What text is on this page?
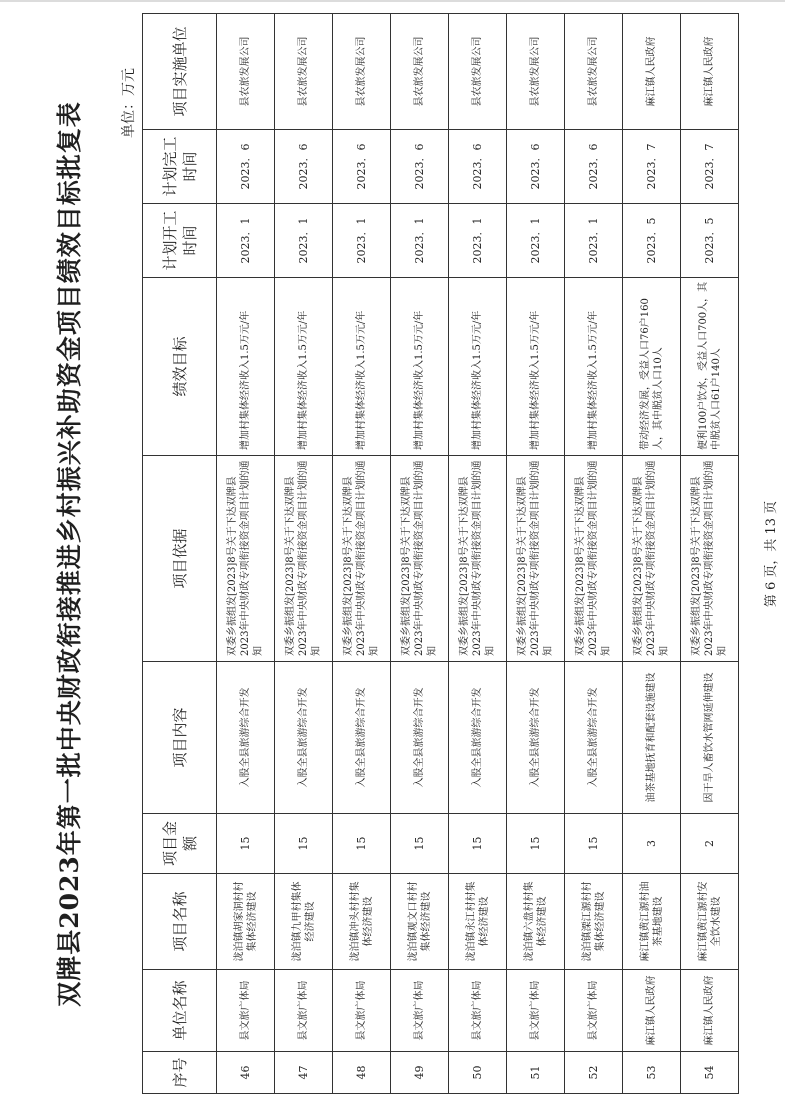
双牌县2023年第一批中央财政衔接推进乡村振兴补助资金项目绩效目标批复表	单位：万元
序号	单位名称	项目名称	项目金额	项目内容	项目依据	绩效目标	计划开工时间	计划完工时间	项目实施单位
46	县文旅广体局	泷泊镇胡家洞村村集体经济建设	15	入股全县旅游综合开发	双委乡振组发[2023]8号关于下达双牌县2023年中央财政专项衔接资金项目计划的通知	增加村集体经济收入1.5万元/年	2023．1	2023．6	县农旅发展公司
47	县文旅广体局	泷泊镇九甲村集体经济建设	15	入股全县旅游综合开发	双委乡振组发[2023]8号关于下达双牌县2023年中央财政专项衔接资金项目计划的通知	增加村集体经济收入1.5万元/年	2023．1	2023．6	县农旅发展公司
48	县文旅广体局	泷泊镇冲头村村集体经济建设	15	入股全县旅游综合开发	双委乡振组发[2023]8号关于下达双牌县2023年中央财政专项衔接资金项目计划的通知	增加村集体经济收入1.5万元/年	2023．1	2023．6	县农旅发展公司
49	县文旅广体局	泷泊镇观文口村村集体经济建设	15	入股全县旅游综合开发	双委乡振组发[2023]8号关于下达双牌县2023年中央财政专项衔接资金项目计划的通知	增加村集体经济收入1.5万元/年	2023．1	2023．6	县农旅发展公司
50	县文旅广体局	泷泊镇永江村村集体经济建设	15	入股全县旅游综合开发	双委乡振组发[2023]8号关于下达双牌县2023年中央财政专项衔接资金项目计划的通知	增加村集体经济收入1.5万元/年	2023．1	2023．6	县农旅发展公司
51	县文旅广体局	泷泊镇六盘村村集体经济建设	15	入股全县旅游综合开发	双委乡振组发[2023]8号关于下达双牌县2023年中央财政专项衔接资金项目计划的通知	增加村集体经济收入1.5万元/年	2023．1	2023．6	县农旅发展公司
52	县文旅广体局	泷泊镇溧江源村村集体经济建设	15	入股全县旅游综合开发	双委乡振组发[2023]8号关于下达双牌县2023年中央财政专项衔接资金项目计划的通知	增加村集体经济收入1.5万元/年	2023．1	2023．6	县农旅发展公司
53	麻江镇人民政府	麻江镇黄江源村油茶基地建设	3	油茶基地抚育和配套设施建设	双委乡振组发[2023]8号关于下达双牌县2023年中央财政专项衔接资金项目计划的通知	带动经济发展，受益人口76户160人，其中脱贫人口10人	2023．5	2023．7	麻江镇人民政府
54	麻江镇人民政府	麻江镇黄江源村安全饮水建设	2	因干旱人畜饮水管网延伸建设	双委乡振组发[2023]8号关于下达双牌县2023年中央财政专项衔接资金项目计划的通知	便利100户饮水，受益人口700人，其中脱贫人口61户140人	2023．5	2023．7	麻江镇人民政府
第 6 页，共 13 页
